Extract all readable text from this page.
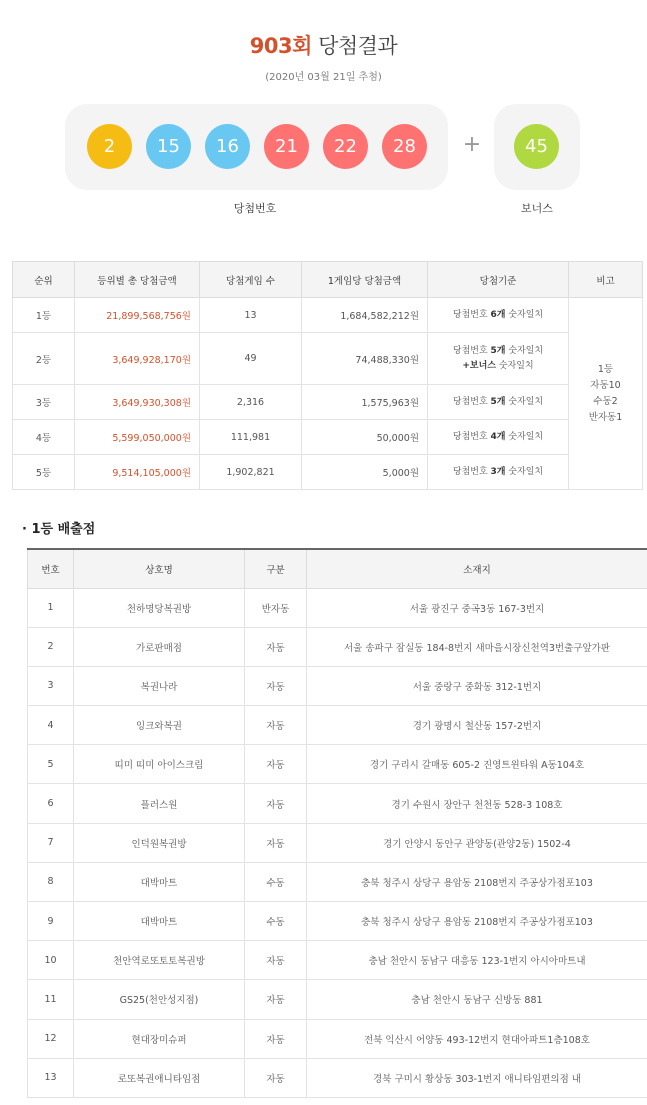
903회 당첨결과
(2020년 03월 21일 추첨)
2	15	16	21	22	28	+	45
당첨번호	보너스
순위	등위별 총 당첨금액	당첨게임 수	1게임당 당첨금액	당첨기준	비고
1등	21,899,568,756원	13	1,684,582,212원	당첨번호 6개 숫자일치	1등
자동10
수동2
반자동1

2등	3,649,928,170원	49	74,488,330원	당첨번호 5개 숫자일치
+보너스 숫자일치	

3등	3,649,930,308원	2,316	1,575,963원	당첨번호 5개 숫자일치	
4등	5,599,050,000원	111,981	50,000원	당첨번호 4개 숫자일치	
5등	9,514,105,000원	1,902,821	5,000원	당첨번호 3개 숫자일치	
· 1등 배출점
번호	상호명	구분	소재지
1	천하명당복권방	반자동	서울 광진구 중곡3동 167-3번지
2	가로판매점	자동	서울 송파구 잠실동 184-8번지 새마을시장신천역3번출구앞가판
3	복권나라	자동	서울 중랑구 중화동 312-1번지
4	잉크와복권	자동	경기 광명시 철산동 157-2번지
5	띠미 띠미 아이스크림	자동	경기 구리시 갈매동 605-2 진영트윈타워 A동104호
6	플러스원	자동	경기 수원시 장안구 천천동 528-3 108호
7	인덕원복권방	자동	경기 안양시 동안구 관양동(관양2동) 1502-4
8	대박마트	수동	충북 청주시 상당구 용암동 2108번지 주공상가점포103
9	대박마트	수동	충북 청주시 상당구 용암동 2108번지 주공상가점포103
10	천안역로또토토복권방	자동	충남 천안시 동남구 대흥동 123-1번지 아시아마트내
11	GS25(천안성지점)	자동	충남 천안시 동남구 신방동 881
12	현대장미슈퍼	자동	전북 익산시 어양동 493-12번지 현대아파트1층108호
13	로또복권애니타임점	자동	경북 구미시 황상동 303-1번지 애니타임편의점 내
